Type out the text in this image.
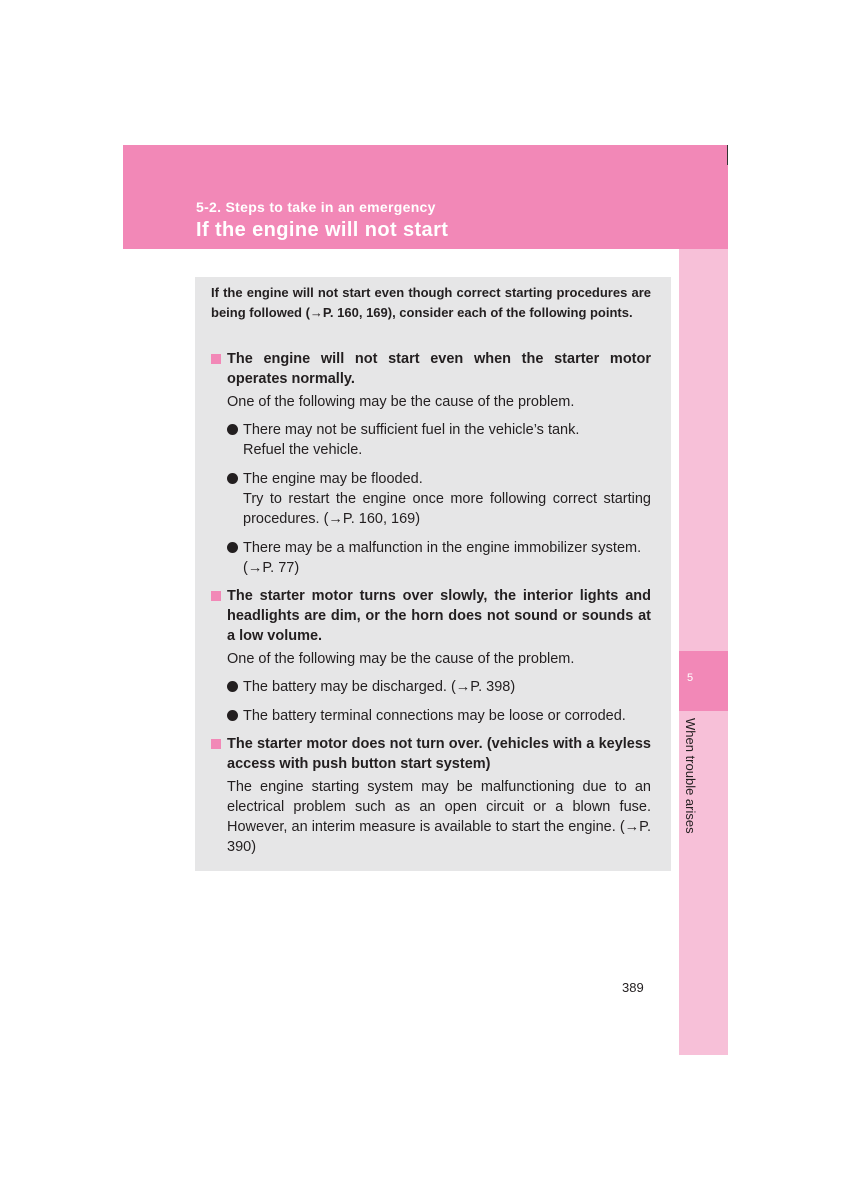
5-2. Steps to take in an emergency
If the engine will not start
5
When trouble arises
If the engine will not start even though correct starting procedures are being followed (→P. 160, 169), consider each of the following points.
The engine will not start even when the starter motor operates normally.
One of the following may be the cause of the problem.
There may not be sufficient fuel in the vehicle’s tank.
Refuel the vehicle.
The engine may be flooded.
Try to restart the engine once more following correct starting procedures. (→P. 160, 169)
There may be a malfunction in the engine immobilizer system.
(→P. 77)
The starter motor turns over slowly, the interior lights and headlights are dim, or the horn does not sound or sounds at a low volume.
One of the following may be the cause of the problem.
The battery may be discharged. (→P. 398)
The battery terminal connections may be loose or corroded.
The starter motor does not turn over. (vehicles with a keyless access with push button start system)
The engine starting system may be malfunctioning due to an electrical problem such as an open circuit or a blown fuse. However, an interim measure is available to start the engine. (→P. 390)
389
